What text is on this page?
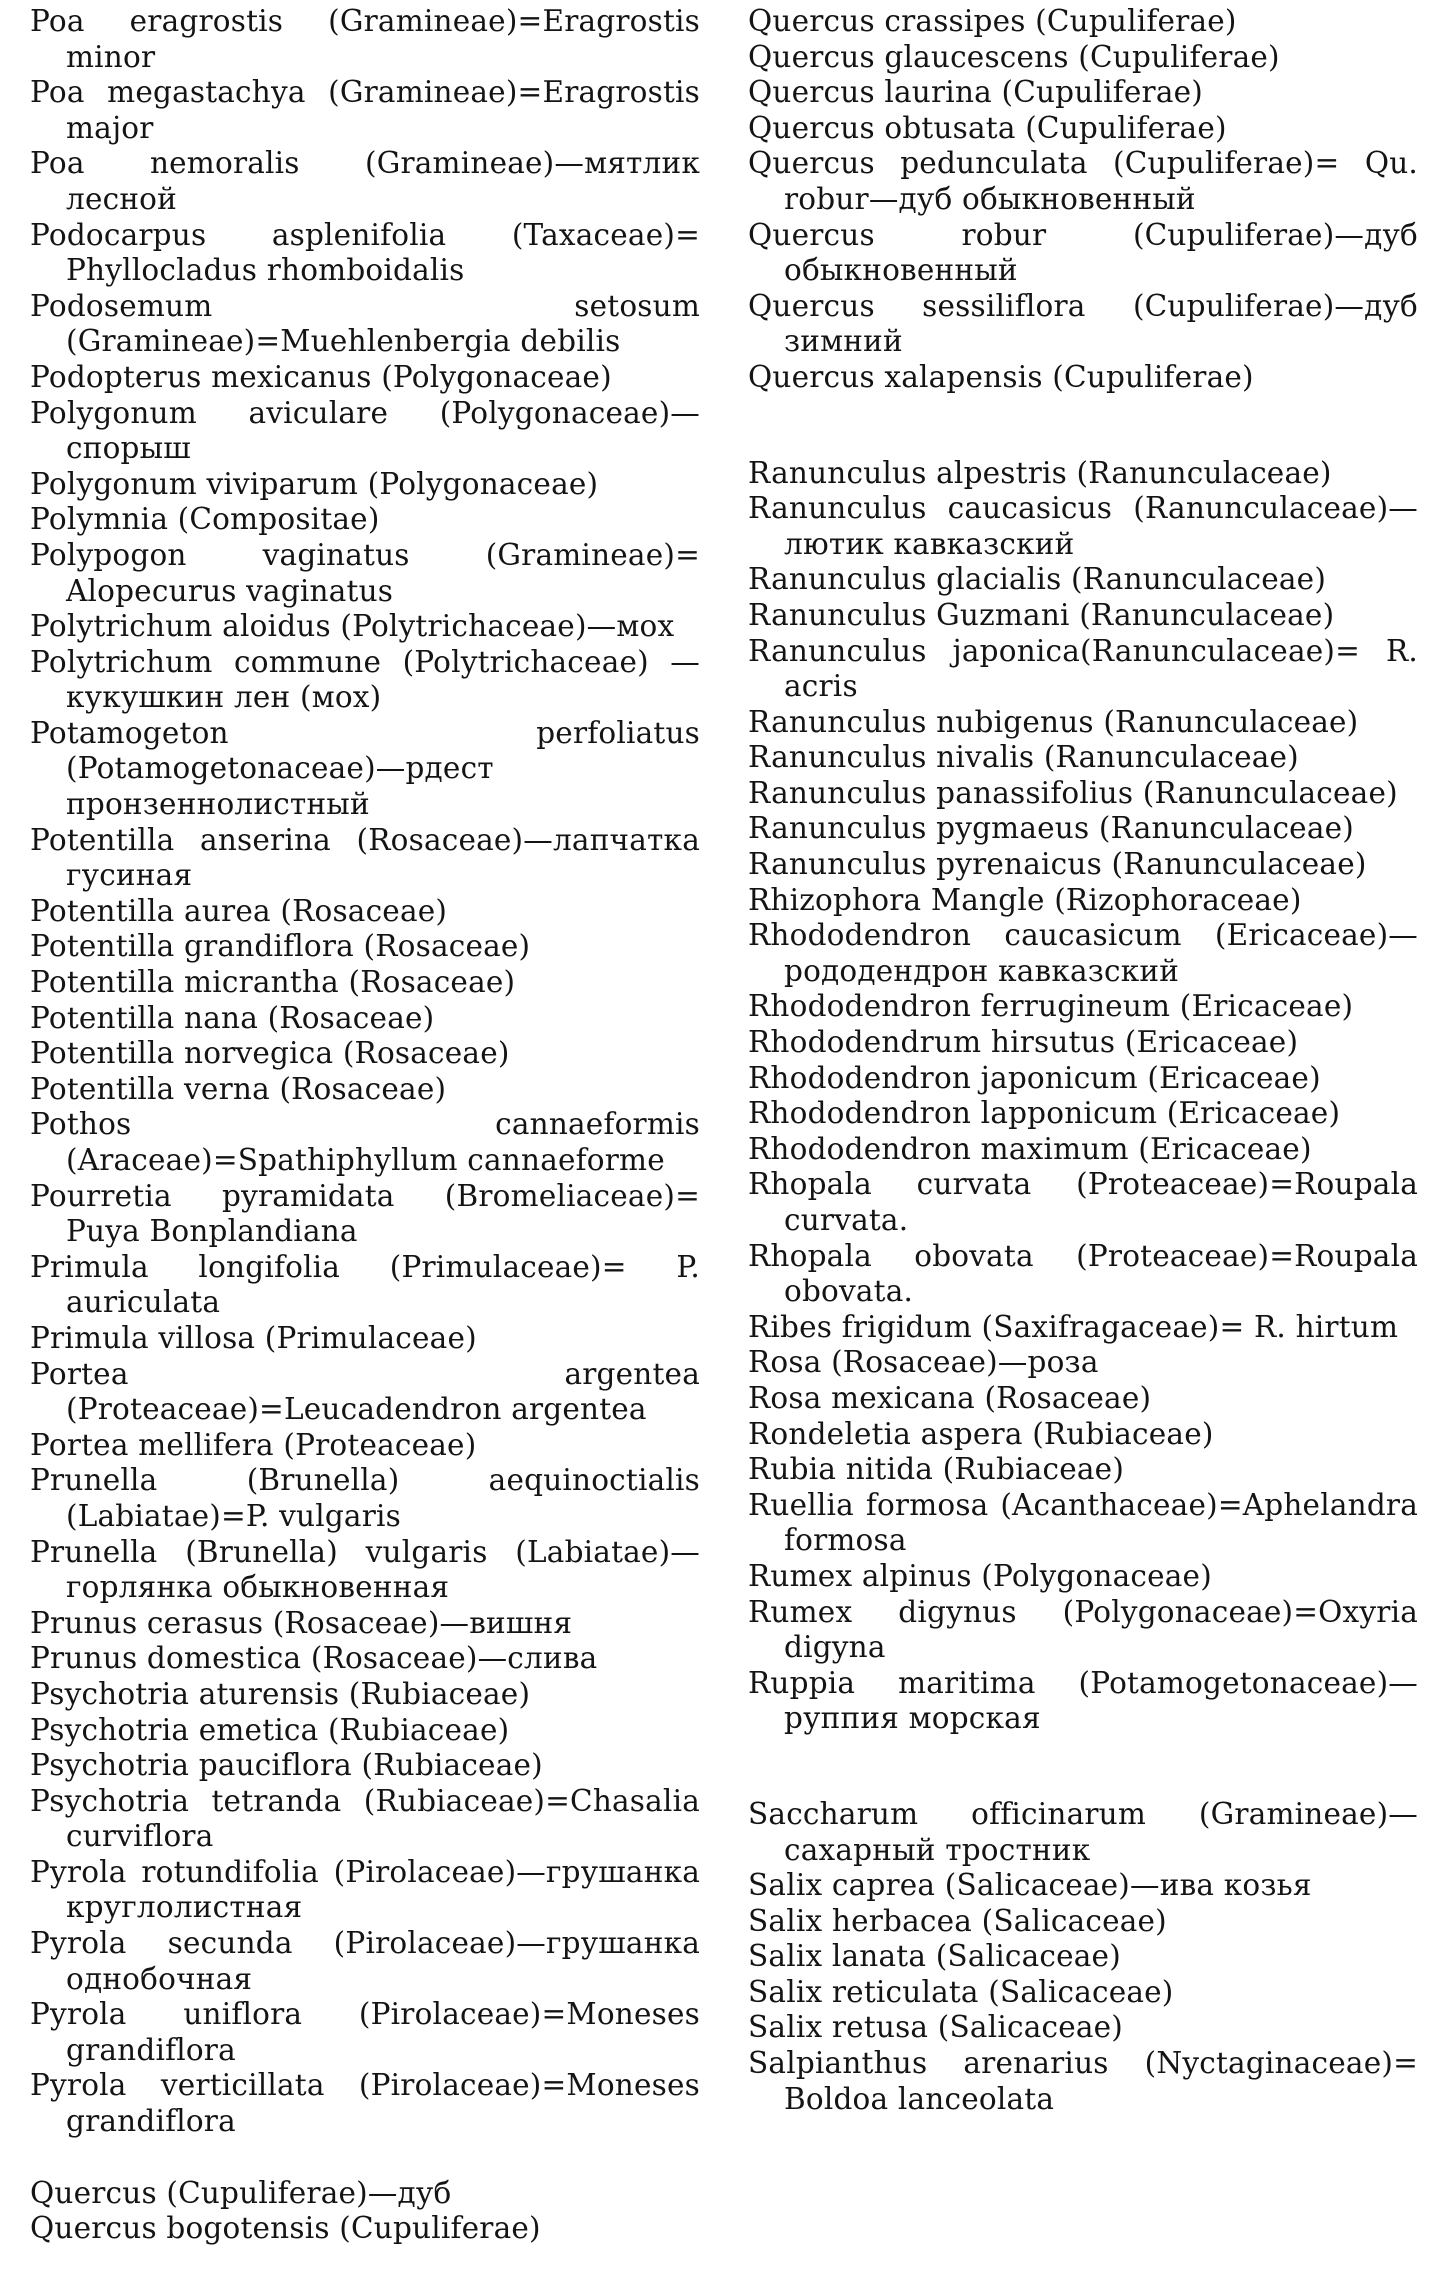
Poa eragrostis (Gramineae)=Eragrostis minor

Poa megastachya (Gramineae)=Eragrostis major

Poa nemoralis (Gramineae)—мятлик лесной

Podocarpus asplenifolia (Taxaceae)= Phyllocladus rhomboidalis

Podosemum setosum (Gramineae)=Muehlenbergia debilis

Podopterus mexicanus (Polygonaceae)

Polygonum aviculare (Polygonaceae)—спорыш

Polygonum viviparum (Polygonaceae)

Polymnia (Compositae)

Polypogon vaginatus (Gramineae)= Alopecurus vaginatus

Polytrichum aloidus (Polytrichaceae)—мох

Polytrichum commune (Polytrichaceae) —кукушкин лен (мох)

Potamogeton perfoliatus (Potamogetonaceae)—рдест пронзеннолистный

Potentilla anserina (Rosaceae)—лапчатка гусиная

Potentilla aurea (Rosaceae)

Potentilla grandiflora (Rosaceae)

Potentilla micrantha (Rosaceae)

Potentilla nana (Rosaceae)

Potentilla norvegica (Rosaceae)

Potentilla verna (Rosaceae)

Pothos cannaeformis (Araceae)=Spathiphyllum cannaeforme

Pourretia pyramidata (Bromeliaceae)= Puya Bonplandiana

Primula longifolia (Primulaceae)= P. auriculata

Primula villosa (Primulaceae)

Portea argentea (Proteaceae)=Leucadendron argentea

Portea mellifera (Proteaceae)

Prunella (Brunella) aequinoctialis (Labiatae)=P. vulgaris

Prunella (Brunella) vulgaris (Labiatae)—горлянка обыкновенная

Prunus cerasus (Rosaceae)—вишня

Prunus domestica (Rosaceae)—слива

Psychotria aturensis (Rubiaceae)

Psychotria emetica (Rubiaceae)

Psychotria pauciflora (Rubiaceae)

Psychotria tetranda (Rubiaceae)=Chasalia curviflora

Pyrola rotundifolia (Pirolaceae)—грушанка круглолистная

Pyrola secunda (Pirolaceae)—грушанка однобочная

Pyrola uniflora (Pirolaceae)=Moneses grandiflora

Pyrola verticillata (Pirolaceae)=Moneses grandiflora

Quercus (Cupuliferae)—дуб

Quercus bogotensis (Cupuliferae)

Quercus crassipes (Cupuliferae)

Quercus glaucescens (Cupuliferae)

Quercus laurina (Cupuliferae)

Quercus obtusata (Cupuliferae)

Quercus pedunculata (Cupuliferae)= Qu. robur—дуб обыкновенный

Quercus robur (Cupuliferae)—дуб обыкновенный

Quercus sessiliflora (Cupuliferae)—дуб зимний

Quercus xalapensis (Cupuliferae)

Ranunculus alpestris (Ranunculaceae)

Ranunculus caucasicus (Ranunculaceae)—лютик кавказский

Ranunculus glacialis (Ranunculaceae)

Ranunculus Guzmani (Ranunculaceae)

Ranunculus japonica(Ranunculaceae)= R. acris

Ranunculus nubigenus (Ranunculaceae)

Ranunculus nivalis (Ranunculaceae)

Ranunculus panassifolius (Ranunculaceae)

Ranunculus pygmaeus (Ranunculaceae)

Ranunculus pyrenaicus (Ranunculaceae)

Rhizophora Mangle (Rizophoraceae)

Rhododendron caucasicum (Ericaceae)—рододендрон кавказский

Rhododendron ferrugineum (Ericaceae)

Rhododendrum hirsutus (Ericaceae)

Rhododendron japonicum (Ericaceae)

Rhododendron lapponicum (Ericaceae)

Rhododendron maximum (Ericaceae)

Rhopala curvata (Proteaceae)=Roupala curvata.

Rhopala obovata (Proteaceae)=Roupala obovata.

Ribes frigidum (Saxifragaceae)= R. hirtum

Rosa (Rosaceae)—роза

Rosa mexicana (Rosaceae)

Rondeletia aspera (Rubiaceae)

Rubia nitida (Rubiaceae)

Ruellia formosa (Acanthaceae)=Aphelandra formosa

Rumex alpinus (Polygonaceae)

Rumex digynus (Polygonaceae)=Oxyria digyna

Ruppia maritima (Potamogetonaceae)—руппия морская

Saccharum officinarum (Gramineae)—сахарный тростник

Salix caprea (Salicaceae)—ива козья

Salix herbacea (Salicaceae)

Salix lanata (Salicaceae)

Salix reticulata (Salicaceae)

Salix retusa (Salicaceae)

Salpianthus arenarius (Nyctaginaceae)= Boldoa lanceolata
